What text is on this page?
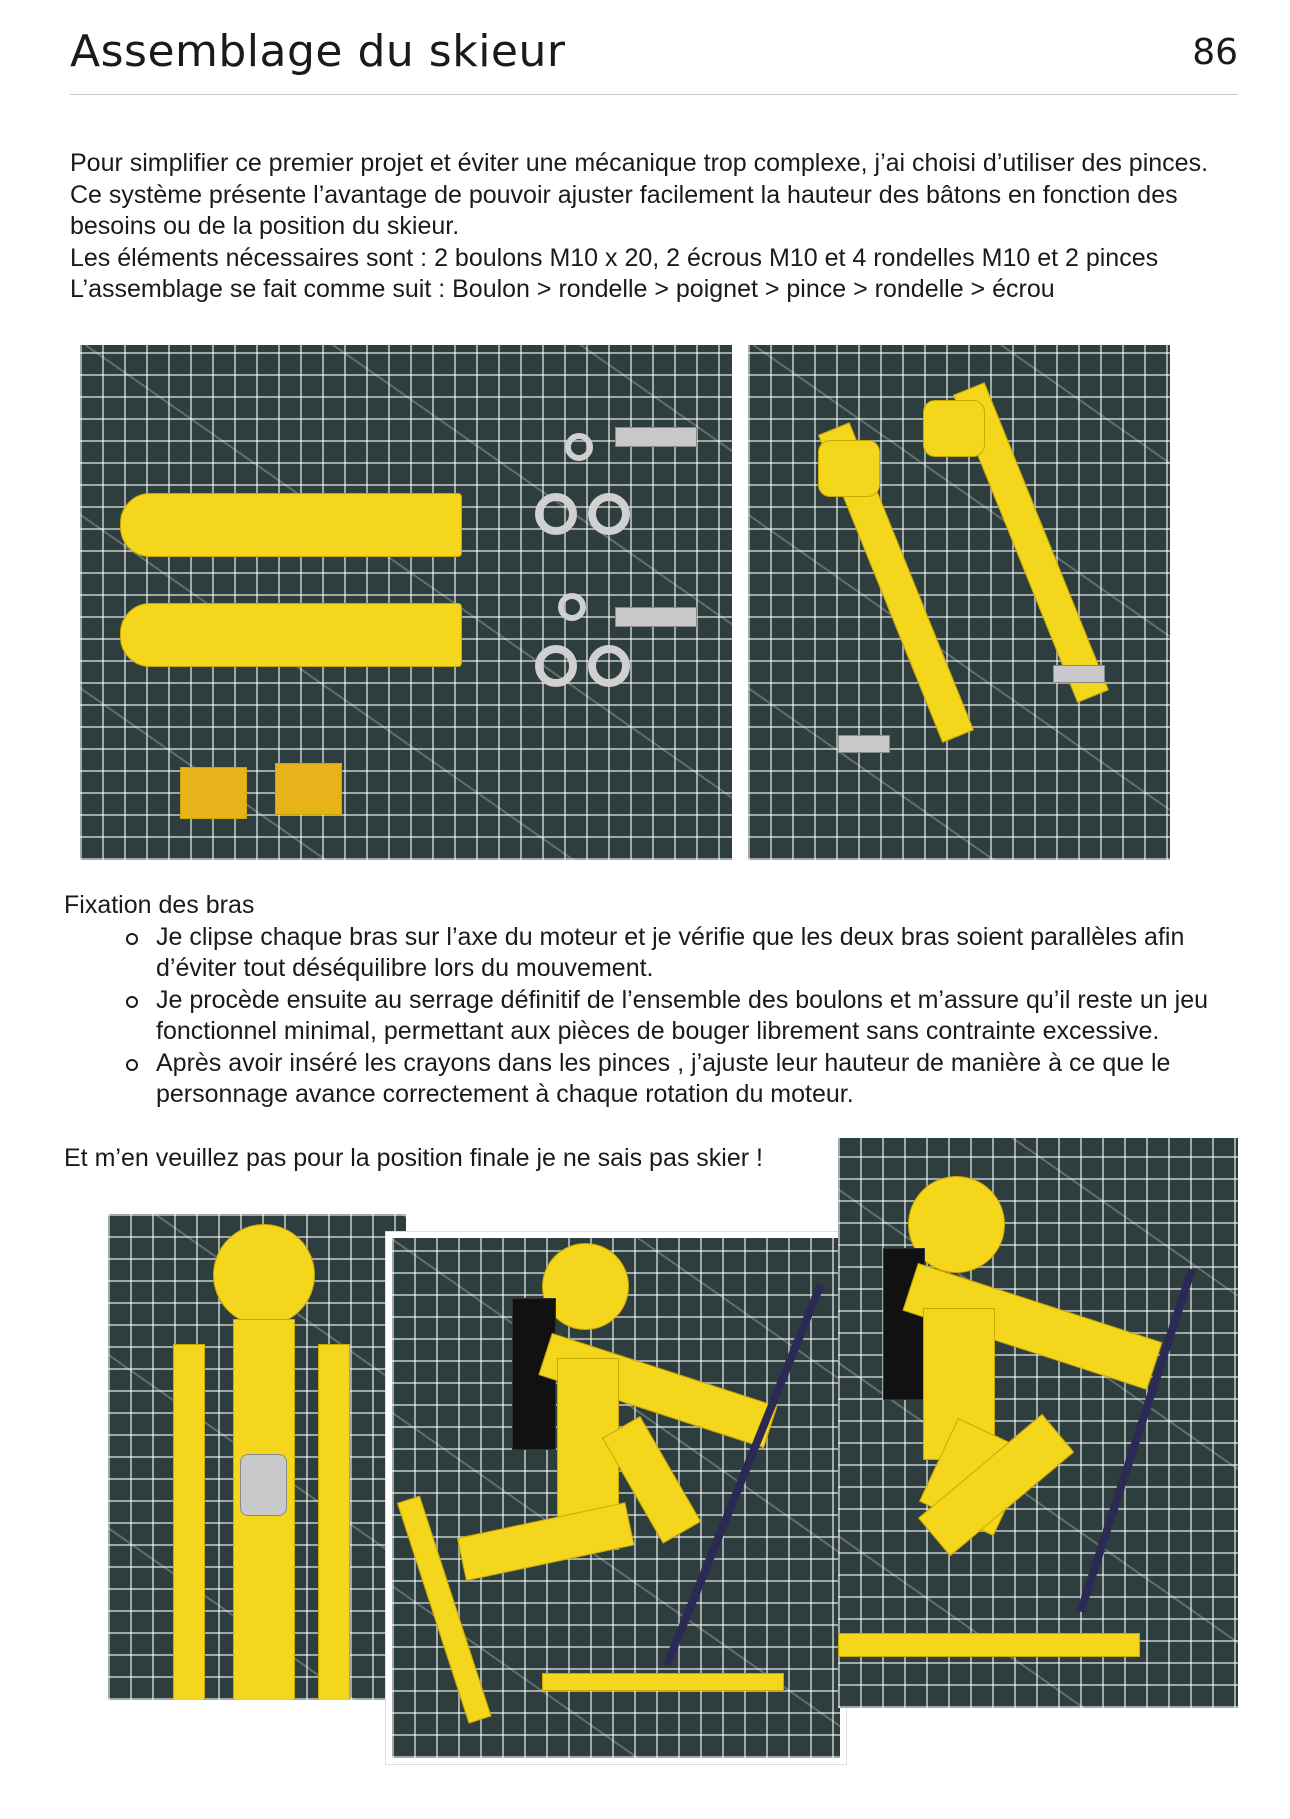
Assemblage du skieur	86

Pour simplifier ce premier projet et éviter une mécanique trop complexe, j’ai choisi d’utiliser des pinces. Ce système présente l’avantage de pouvoir ajuster facilement la hauteur des bâtons en fonction des besoins ou de la position du skieur.

Les éléments nécessaires sont : 2 boulons M10 x 20, 2 écrous M10 et 4 rondelles M10 et 2 pinces

L’assemblage se fait comme suit : Boulon > rondelle > poignet > pince > rondelle > écrou

Fixation des bras
Je clipse chaque bras sur l’axe du moteur et je vérifie que les deux bras soient parallèles afin d’éviter tout déséquilibre lors du mouvement.
Je procède ensuite au serrage définitif de l’ensemble des boulons et m’assure qu’il reste un jeu fonctionnel minimal, permettant aux pièces de bouger librement sans contrainte excessive.
Après avoir inséré les crayons dans les pinces , j’ajuste leur hauteur de manière à ce que le personnage avance correctement à chaque rotation du moteur.
Et m’en veuillez pas pour la position finale je ne sais pas skier !
